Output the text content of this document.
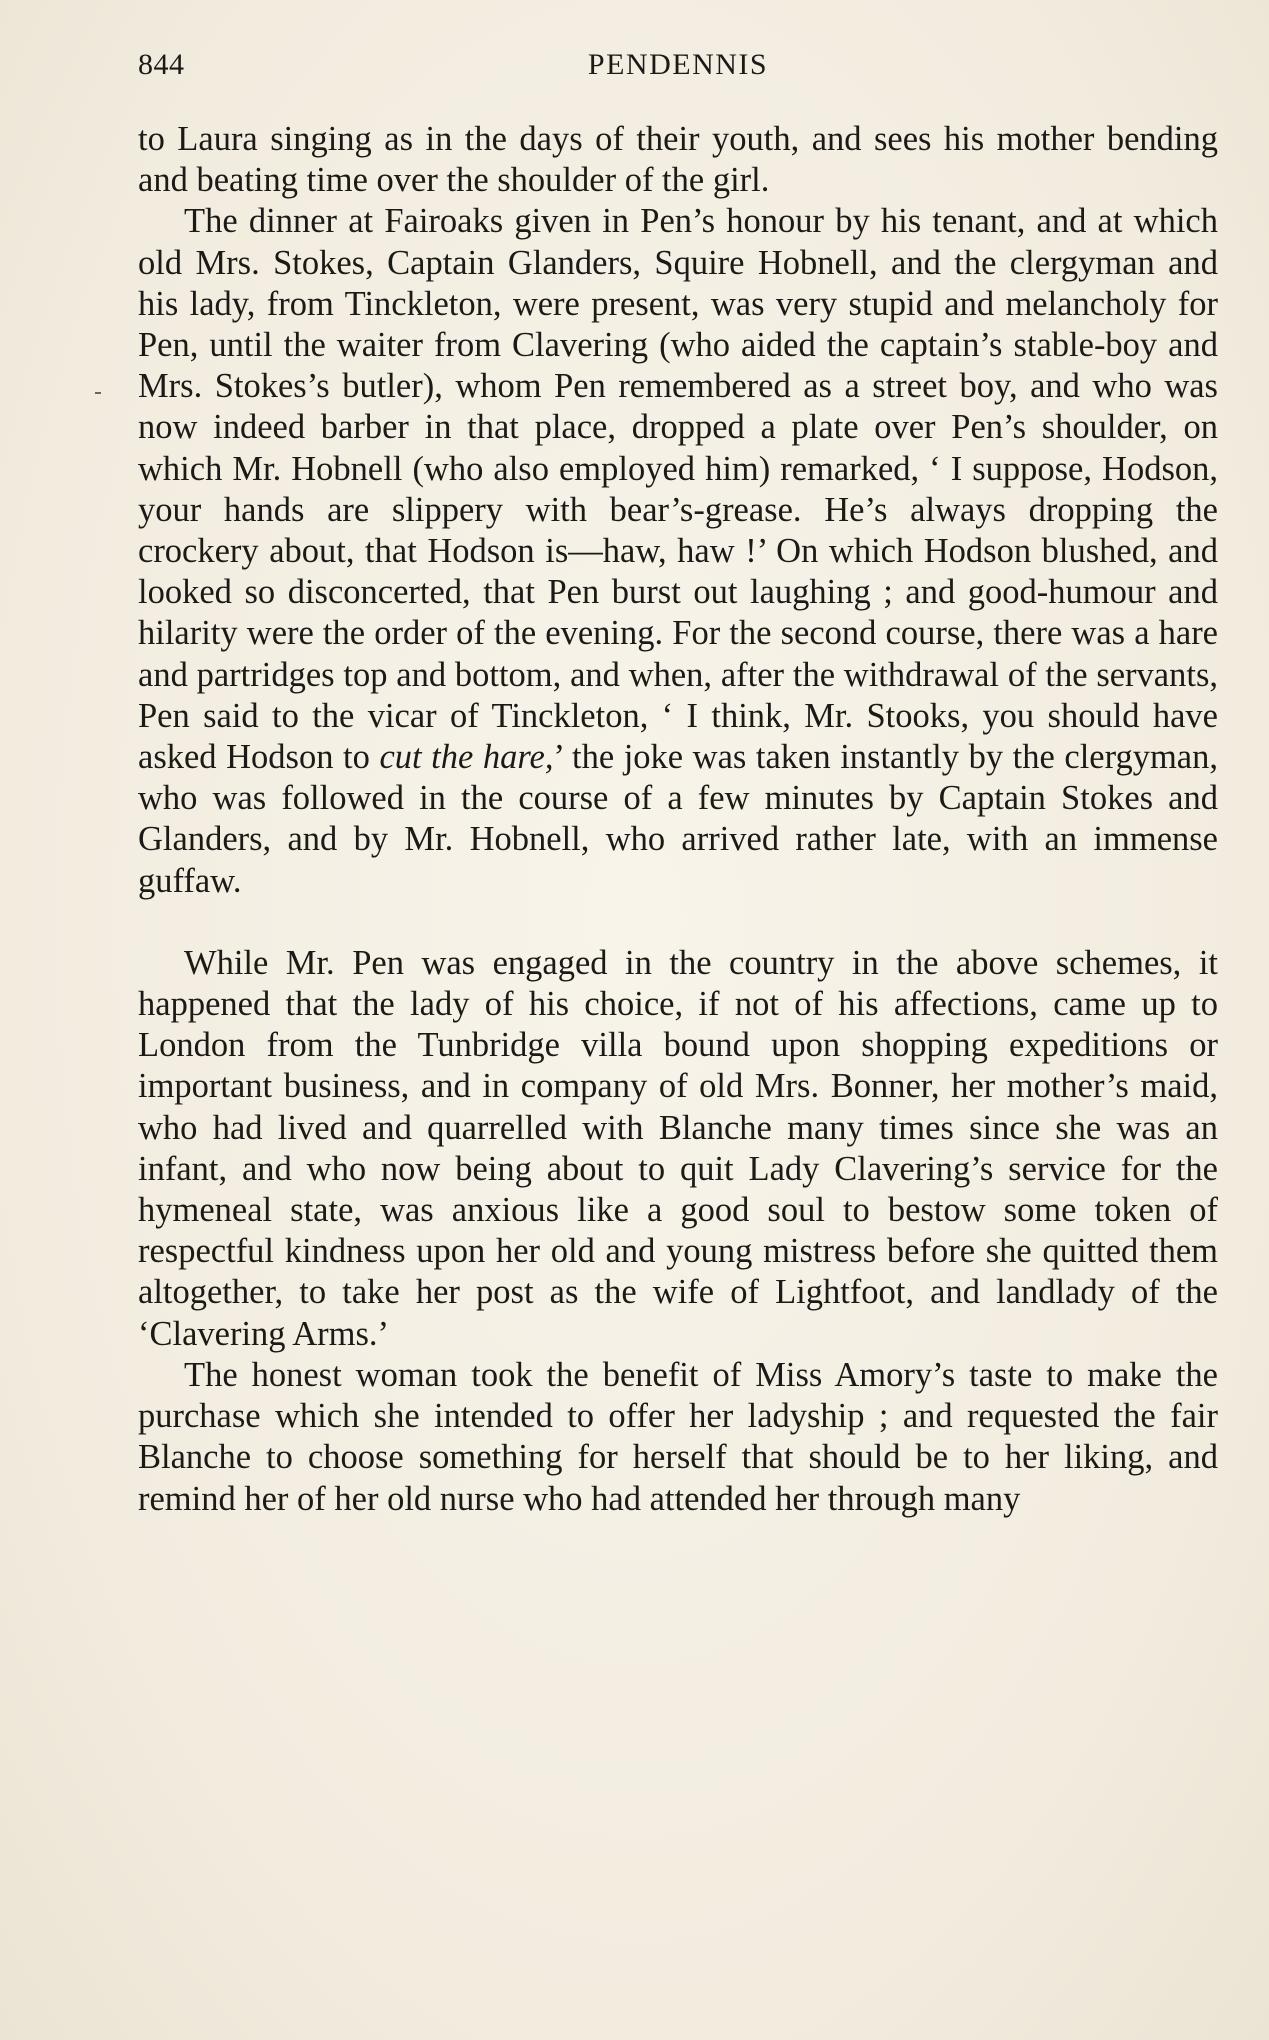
844	PENDENNIS

to Laura singing as in the days of their youth, and sees his mother bending and beating time over the shoulder of the girl.

The dinner at Fairoaks given in Pen’s honour by his tenant, and at which old Mrs. Stokes, Captain Glanders, Squire Hobnell, and the clergyman and his lady, from Tinckleton, were present, was very stupid and melancholy for Pen, until the waiter from Clavering (who aided the captain’s stable-boy and Mrs. Stokes’s butler), whom Pen remembered as a street boy, and who was now indeed barber in that place, dropped a plate over Pen’s shoulder, on which Mr. Hobnell (who also employed him) remarked, ‘ I suppose, Hodson, your hands are slippery with bear’s-grease. He’s always dropping the crockery about, that Hodson is—haw, haw !’ On which Hodson blushed, and looked so disconcerted, that Pen burst out laughing ; and good-humour and hilarity were the order of the evening. For the second course, there was a hare and partridges top and bottom, and when, after the withdrawal of the servants, Pen said to the vicar of Tinckleton, ‘ I think, Mr. Stooks, you should have asked Hodson to cut the hare,’ the joke was taken instantly by the clergyman, who was followed in the course of a few minutes by Captain Stokes and Glanders, and by Mr. Hobnell, who arrived rather late, with an immense guffaw.

While Mr. Pen was engaged in the country in the above schemes, it happened that the lady of his choice, if not of his affections, came up to London from the Tunbridge villa bound upon shopping expeditions or important business, and in company of old Mrs. Bonner, her mother’s maid, who had lived and quarrelled with Blanche many times since she was an infant, and who now being about to quit Lady Clavering’s service for the hymeneal state, was anxious like a good soul to bestow some token of respectful kindness upon her old and young mistress before she quitted them altogether, to take her post as the wife of Lightfoot, and landlady of the ‘Clavering Arms.’

The honest woman took the benefit of Miss Amory’s taste to make the purchase which she intended to offer her ladyship ; and requested the fair Blanche to choose something for herself that should be to her liking, and remind her of her old nurse who had attended her through many
